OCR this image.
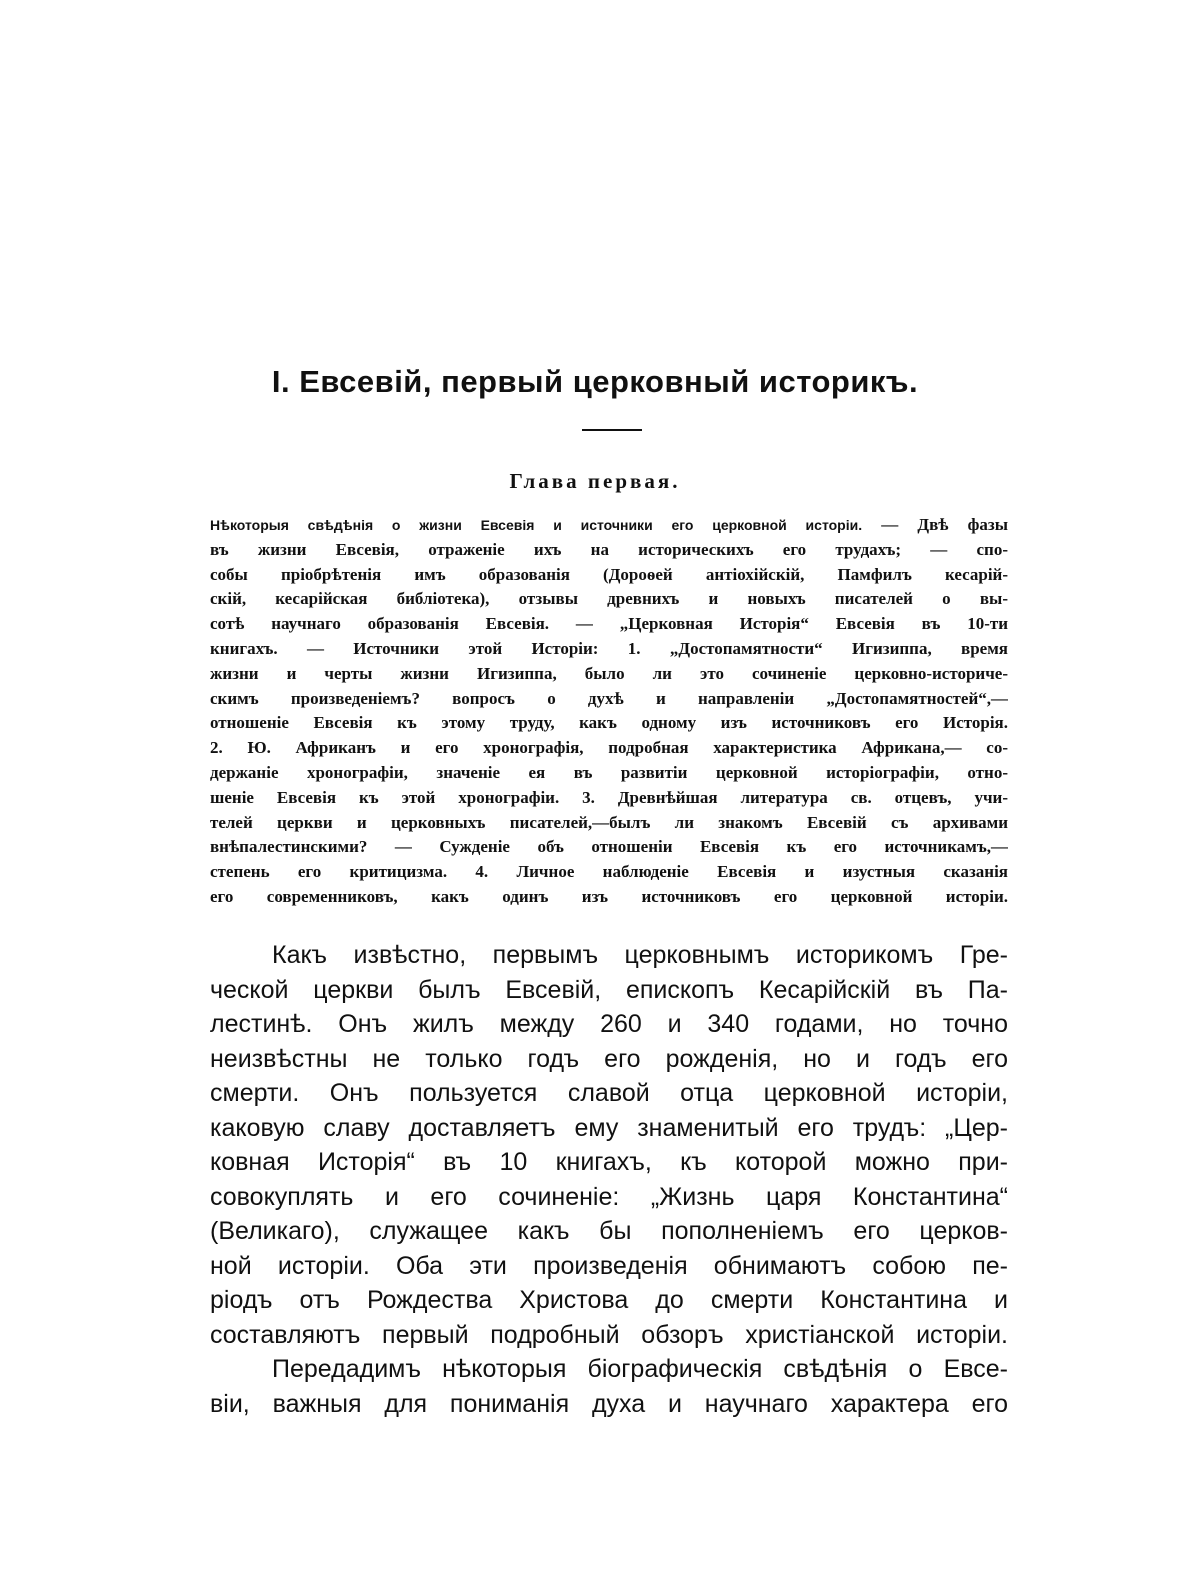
I. Евсевій, первый церковный историкъ.
Глава первая.
Нѣкоторыя свѣдѣнія о жизни Евсевія и источники его церковной исторіи. — Двѣ фазы
въ жизни Евсевія, отраженіе ихъ на историческихъ его трудахъ; — спо-
собы пріобрѣтенія имъ образованія (Дороѳей антіохійскій, Памфилъ кесарій-
скій, кесарійская библіотека), отзывы древнихъ и новыхъ писателей о вы-
сотѣ научнаго образованія Евсевія. — „Церковная Исторія“ Евсевія въ 10-ти
книгахъ. — Источники этой Исторіи: 1. „Достопамятности“ Игизиппа, время
жизни и черты жизни Игизиппа, было ли это сочиненіе церковно-историче-
скимъ произведеніемъ? вопросъ о духѣ и направленіи „Достопамятностей“,—
отношеніе Евсевія къ этому труду, какъ одному изъ источниковъ его Исторія.
2. Ю. Африканъ и его хронографія, подробная характеристика Африкана,— со-
держаніе хронографіи, значеніе ея въ развитіи церковной исторіографіи, отно-
шеніе Евсевія къ этой хронографіи. 3. Древнѣйшая литература св. отцевъ, учи-
телей церкви и церковныхъ писателей,—былъ ли знакомъ Евсевій съ архивами
внѣпалестинскими? — Сужденіе объ отношеніи Евсевія къ его источникамъ,—
степень его критицизма. 4. Личное наблюденіе Евсевія и изустныя сказанія
его современниковъ, какъ одинъ изъ источниковъ его церковной исторіи.
Какъ извѣстно, первымъ церковнымъ историкомъ Гре-
ческой церкви былъ Евсевій, епископъ Кесарійскій въ Па-
лестинѣ. Онъ жилъ между 260 и 340 годами, но точно
неизвѣстны не только годъ его рожденія, но и годъ его
смерти. Онъ пользуется славой отца церковной исторіи,
каковую славу доставляетъ ему знаменитый его трудъ: „Цер-
ковная Исторія“ въ 10 книгахъ, къ которой можно при-
совокуплять и его сочиненіе: „Жизнь царя Константина“
(Великаго), служащее какъ бы пополненіемъ его церков-
ной исторіи. Оба эти произведенія обнимаютъ собою пе-
ріодъ отъ Рождества Христова до смерти Константина и
составляютъ первый подробный обзоръ христіанской исторіи.
Передадимъ нѣкоторыя біографическія свѣдѣнія о Евсе-
віи, важныя для пониманія духа и научнаго характера его
